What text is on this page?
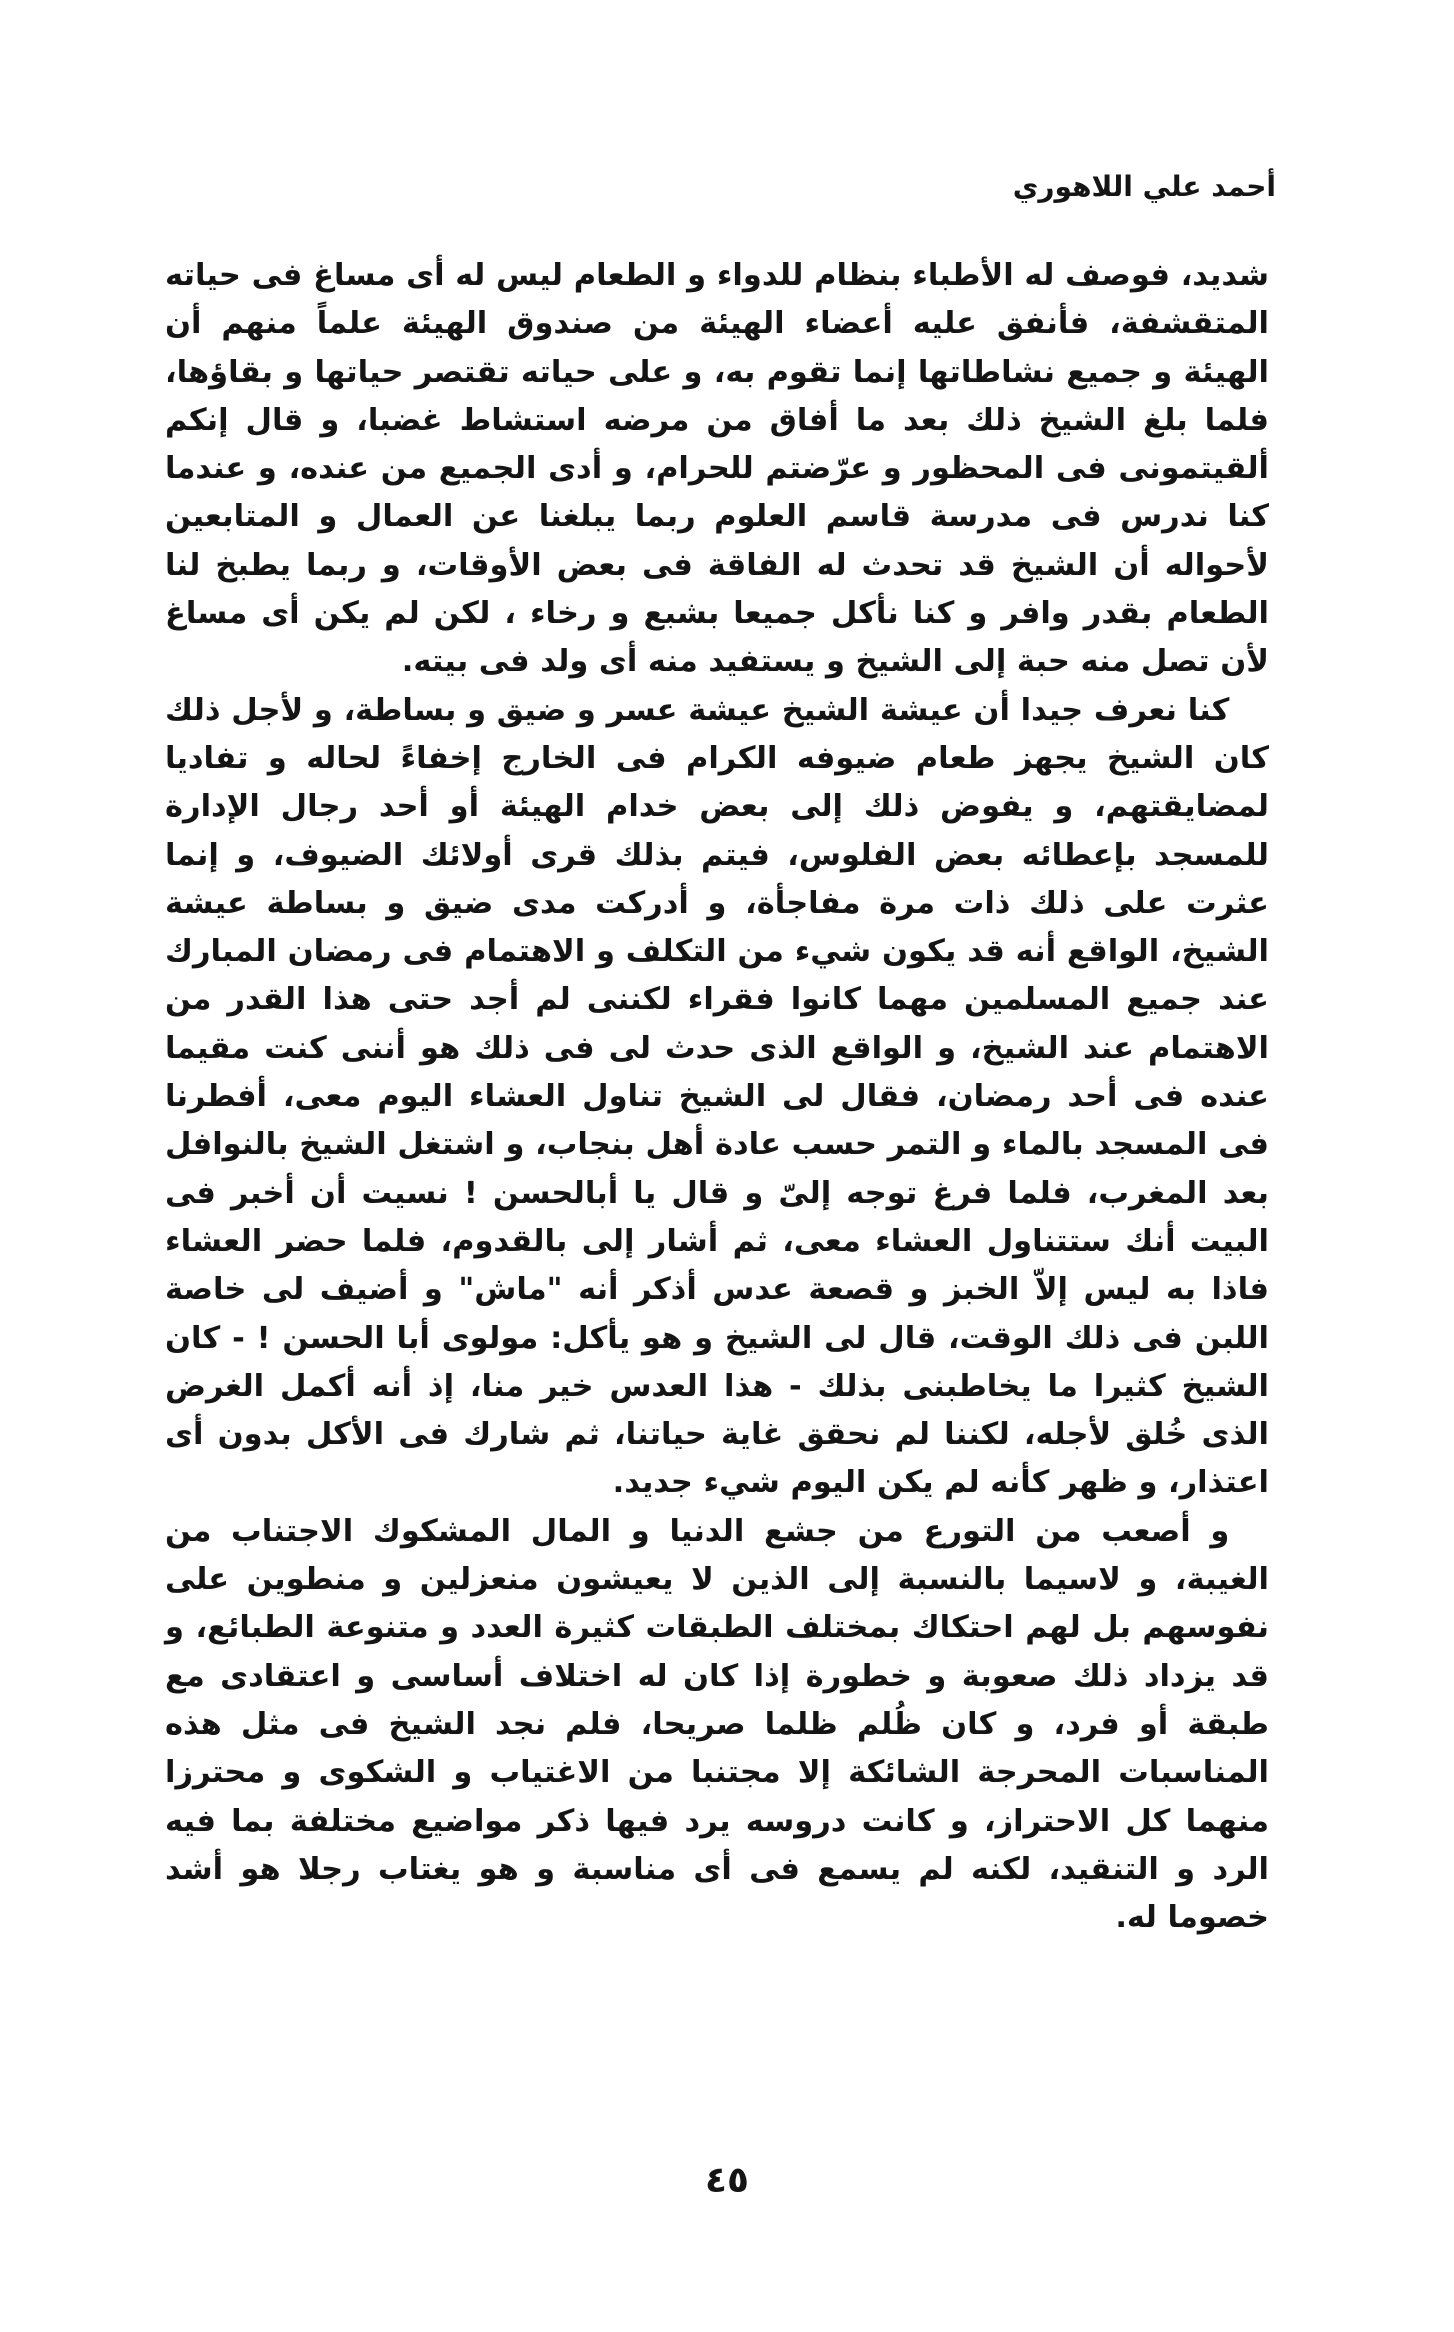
أحمد علي اللاهوري

شديد، فوصف له الأطباء بنظام للدواء و الطعام ليس له أى مساغ فى حياته المتقشفة، فأنفق عليه أعضاء الهيئة من صندوق الهيئة علماً منهم أن الهيئة و جميع نشاطاتها إنما تقوم به، و على حياته تقتصر حياتها و بقاؤها، فلما بلغ الشيخ ذلك بعد ما أفاق من مرضه استشاط غضبا، و قال إنكم ألقيتمونى فى المحظور و عرّضتم للحرام، و أدى الجميع من عنده، و عندما كنا ندرس فى مدرسة قاسم العلوم ربما يبلغنا عن العمال و المتابعين لأحواله أن الشيخ قد تحدث له الفاقة فى بعض الأوقات، و ربما يطبخ لنا الطعام بقدر وافر و كنا نأكل جميعا بشبع و رخاء ، لكن لم يكن أى مساغ لأن تصل منه حبة إلى الشيخ و يستفيد منه أى ولد فى بيته.

كنا نعرف جيدا أن عيشة الشيخ عيشة عسر و ضيق و بساطة، و لأجل ذلك كان الشيخ يجهز طعام ضيوفه الكرام فى الخارج إخفاءً لحاله و تفاديا لمضايقتهم، و يفوض ذلك إلى بعض خدام الهيئة أو أحد رجال الإدارة للمسجد بإعطائه بعض الفلوس، فيتم بذلك قرى أولائك الضيوف، و إنما عثرت على ذلك ذات مرة مفاجأة، و أدركت مدى ضيق و بساطة عيشة الشيخ، الواقع أنه قد يكون شيء من التكلف و الاهتمام فى رمضان المبارك عند جميع المسلمين مهما كانوا فقراء لكننى لم أجد حتى هذا القدر من الاهتمام عند الشيخ، و الواقع الذى حدث لى فى ذلك هو أننى كنت مقيما عنده فى أحد رمضان، فقال لى الشيخ تناول العشاء اليوم معى، أفطرنا فى المسجد بالماء و التمر حسب عادة أهل بنجاب، و اشتغل الشيخ بالنوافل بعد المغرب، فلما فرغ توجه إلىّ و قال يا أبالحسن ! نسيت أن أخبر فى البيت أنك ستتناول العشاء معى، ثم أشار إلى بالقدوم، فلما حضر العشاء فاذا به ليس إلاّ الخبز و قصعة عدس أذكر أنه "ماش" و أضيف لى خاصة اللبن فى ذلك الوقت، قال لى الشيخ و هو يأكل: مولوى أبا الحسن ! - كان الشيخ كثيرا ما يخاطبنى بذلك - هذا العدس خير منا، إذ أنه أكمل الغرض الذى خُلق لأجله، لكننا لم نحقق غاية حياتنا، ثم شارك فى الأكل بدون أى اعتذار، و ظهر كأنه لم يكن اليوم شيء جديد.

و أصعب من التورع من جشع الدنيا و المال المشكوك الاجتناب من الغيبة، و لاسيما بالنسبة إلى الذين لا يعيشون منعزلين و منطوين على نفوسهم بل لهم احتكاك بمختلف الطبقات كثيرة العدد و متنوعة الطبائع، و قد يزداد ذلك صعوبة و خطورة إذا كان له اختلاف أساسى و اعتقادى مع طبقة أو فرد، و كان ظُلم ظلما صريحا، فلم نجد الشيخ فى مثل هذه المناسبات المحرجة الشائكة إلا مجتنبا من الاغتياب و الشكوى و محترزا منهما كل الاحتراز، و كانت دروسه يرد فيها ذكر مواضيع مختلفة بما فيه الرد و التنقيد، لكنه لم يسمع فى أى مناسبة و هو يغتاب رجلا هو أشد خصوما له.

٤٥
